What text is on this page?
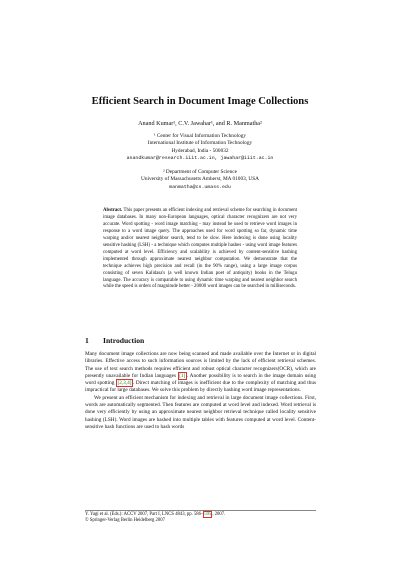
Efficient Search in Document Image Collections
Anand Kumar¹, C.V. Jawahar¹, and R. Manmatha²
¹ Center for Visual Information Technology
International Institute of Information Technology
Hyderabad, India - 500032
anandkumar@research.iiit.ac.in, jawahar@iiit.ac.in
² Department of Computer Science
University of Massachusetts Amherst, MA 01003, USA
manmatha@cs.umass.edu
Abstract. This paper presents an efficient indexing and retrieval scheme for searching in document image databases. In many non-European languages, optical character recognizers are not very accurate. Word spotting - word image matching - may instead be used to retrieve word images in response to a word image query. The approaches used for word spotting so far, dynamic time warping and/or nearest neighbor search, tend to be slow. Here indexing is done using locality sensitive hashing (LSH) - a technique which computes multiple hashes - using word image features computed at word level. Efficiency and scalability is achieved by content-sensitive hashing implemented through approximate nearest neighbor computation. We demonstrate that the technique achieves high precision and recall (in the 90% range), using a large image corpus consisting of seven Kalidasa's (a well known Indian poet of antiquity) books in the Telugu language. The accuracy is comparable to using dynamic time warping and nearest neighbor search while the speed is orders of magnitude better - 20000 word images can be searched in milliseconds.
1 Introduction

Many document image collections are now being scanned and made available over the Internet or in digital libraries. Effective access to such information sources is limited by the lack of efficient retrieval schemes. The use of text search methods requires efficient and robust optical character recognizers(OCR), which are presently unavailable for Indian languages [1] . Another possibility is to search in the image domain using word spotting [2,3,4] . Direct matching of images is inefficient due to the complexity of matching and thus impractical for large databases. We solve this problem by directly hashing word image representations.

We present an efficient mechanism for indexing and retrieval in large document image collections. First, words are automatically segmented. Then features are computed at word level and indexed. Word retrieval is done very efficiently by using an approximate nearest neighbor retrieval technique called locality sensitive hashing (LSH). Word images are hashed into multiple tables with features computed at word level. Content-sensitive hash functions are used to hash words

Y. Yagi et al. (Eds.): ACCV 2007, Part I, LNCS 4843, pp. 586–595, 2007.
© Springer-Verlag Berlin Heidelberg 2007
